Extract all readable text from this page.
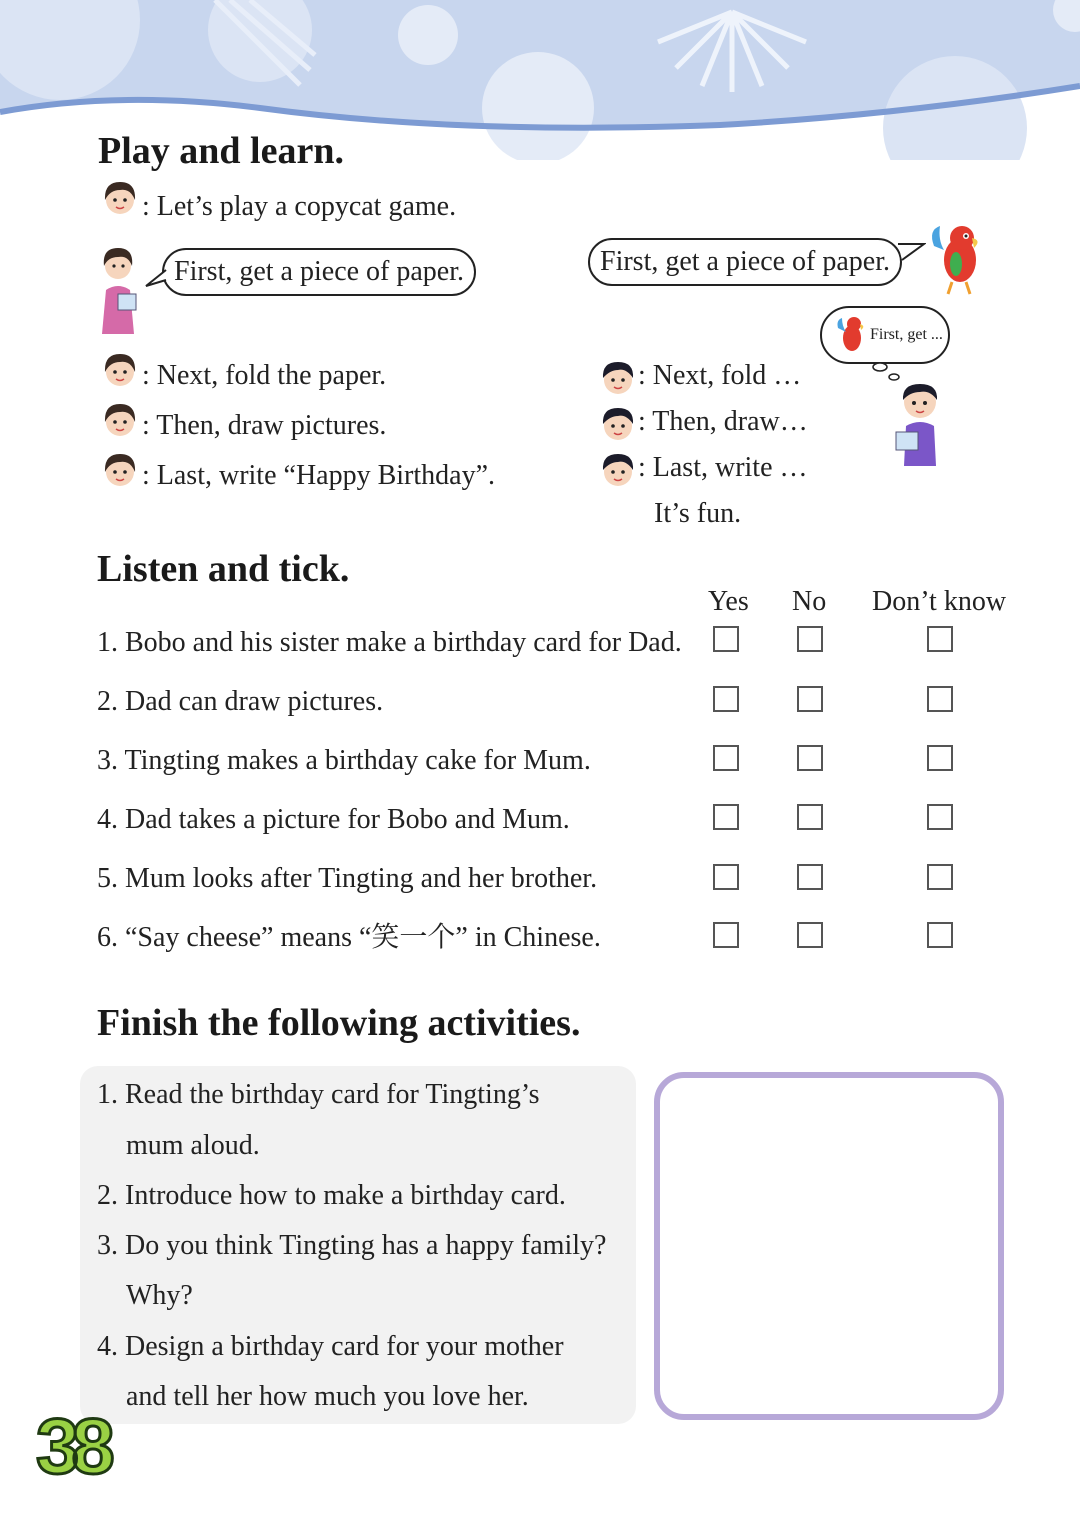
Play and learn.
: Let’s play a copycat game.
First, get a piece of paper.
: Next, fold the paper.
: Then, draw pictures.
: Last, write “Happy Birthday”.
First, get a piece of paper.
First, get ...
: Next, fold …
: Then, draw…
: Last, write …
It’s fun.
Listen and tick.
Yes No Don’t know
1. Bobo and his sister make a birthday card for Dad.
2. Dad can draw pictures.
3. Tingting makes a birthday cake for Mum.
4. Dad takes a picture for Bobo and Mum.
5. Mum looks after Tingting and her brother.
6. “Say cheese” means “笑一个” in Chinese.
Finish the following activities.
1. Read the birthday card for Tingting’s
mum aloud.
2. Introduce how to make a birthday card.
3. Do you think Tingting has a happy family?
Why?
4. Design a birthday card for your mother
and tell her how much you love her.
38
